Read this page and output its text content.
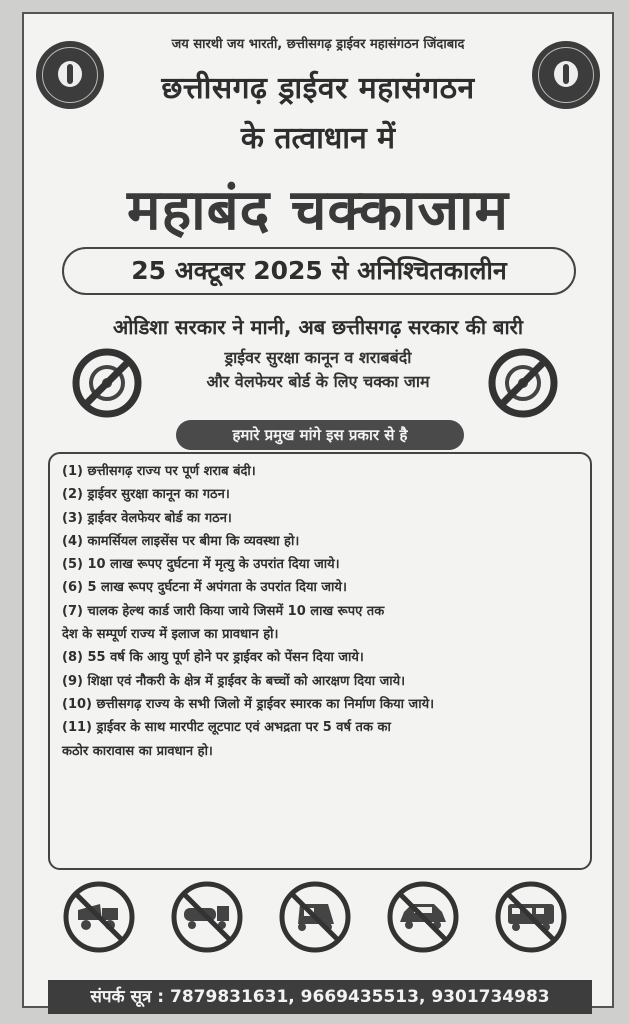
जय सारथी जय भारती, छत्तीसगढ़ ड्राईवर महासंगठन जिंदाबाद
छत्तीसगढ़ ड्राईवर महासंगठन
के तत्वाधान में
महाबंद चक्काजाम
25 अक्टूबर 2025 से अनिश्चितकालीन
ओडिशा सरकार ने मानी, अब छत्तीसगढ़ सरकार की बारी
ड्राईवर सुरक्षा कानून व शराबबंदी
और वेलफेयर बोर्ड के लिए चक्का जाम
हमारे प्रमुख मांगे इस प्रकार से है
(1) छत्तीसगढ़ राज्य पर पूर्ण शराब बंदी।
(2) ड्राईवर सुरक्षा कानून का गठन।
(3) ड्राईवर वेलफेयर बोर्ड का गठन।
(4) कामर्सियल लाइसेंस पर बीमा कि व्यवस्था हो।
(5) 10 लाख रूपए दुर्घटना में मृत्यु के उपरांत दिया जाये।
(6) 5 लाख रूपए दुर्घटना में अपंगता के उपरांत दिया जाये।
(7) चालक हेल्थ कार्ड जारी किया जाये जिसमें 10 लाख रूपए तक
देश के सम्पूर्ण राज्य में इलाज का प्रावधान हो।
(8) 55 वर्ष कि आयु पूर्ण होने पर ड्राईवर को पेंसन दिया जाये।
(9) शिक्षा एवं नौकरी के क्षेत्र में ड्राईवर के बच्चों को आरक्षण दिया जाये।
(10) छत्तीसगढ़ राज्य के सभी जिलो में ड्राईवर स्मारक का निर्माण किया जाये।
(11) ड्राईवर के साथ मारपीट लूटपाट एवं अभद्रता पर 5 वर्ष तक का
कठोर कारावास का प्रावधान हो।
संपर्क सूत्र : 7879831631, 9669435513, 9301734983
